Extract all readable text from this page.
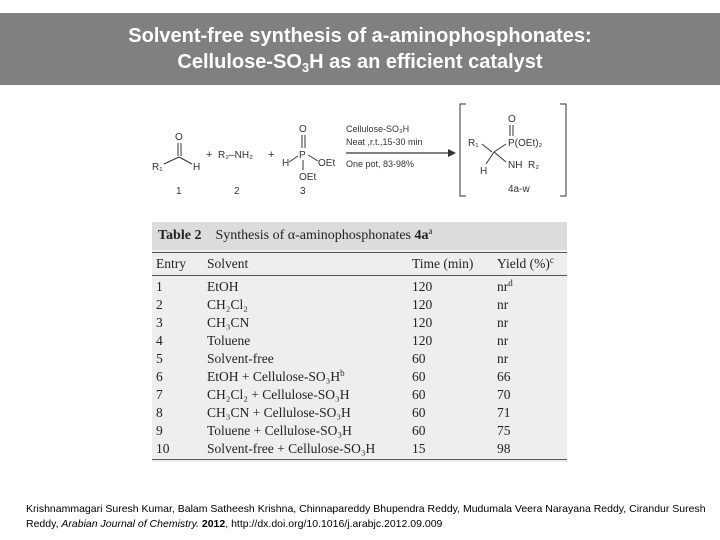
Solvent-free synthesis of a-aminophosphonates:
Cellulose-$SO_3H$ as an efficient catalyst
O
R₁	H
1
+ R₂–NH₂
2
+
O
P
H	OEt
OEt
3
Cellulose-SO₃H
Neat ,r.t.,15-30 min
One pot, 83-98%
O
P(OEt)₂
R₁
NH R₂
H
4a-w
Table 2 Synthesis of α-aminophosphonates $4a^a$
Entry Solvent	Time (min) Yield (%)$^c$
1	EtOH	120	$nr^d$
2	CH₂Cl₂	120	nr
3	CH₃CN	120	nr
4	Toluene	120	nr
5	Solvent-free	60	nr
6	EtOH + Cellulose-$SO_3H^b$	60	66
7	CH₂Cl₂ + Cellulose-SO₃H	60	70
8	CH₃CN + Cellulose-SO₃H	60	71
9	Toluene + Cellulose-SO₃H	60	75
10	Solvent-free + Cellulose-SO₃H	15	98
Krishnammagari Suresh Kumar, Balam Satheesh Krishna, Chinnapareddy Bhupendra Reddy, Mudumala Veera Narayana Reddy, Cirandur Suresh Reddy, Arabian Journal of Chemistry. 2012, http://dx.doi.org/10.1016/j.arabjc.2012.09.009
